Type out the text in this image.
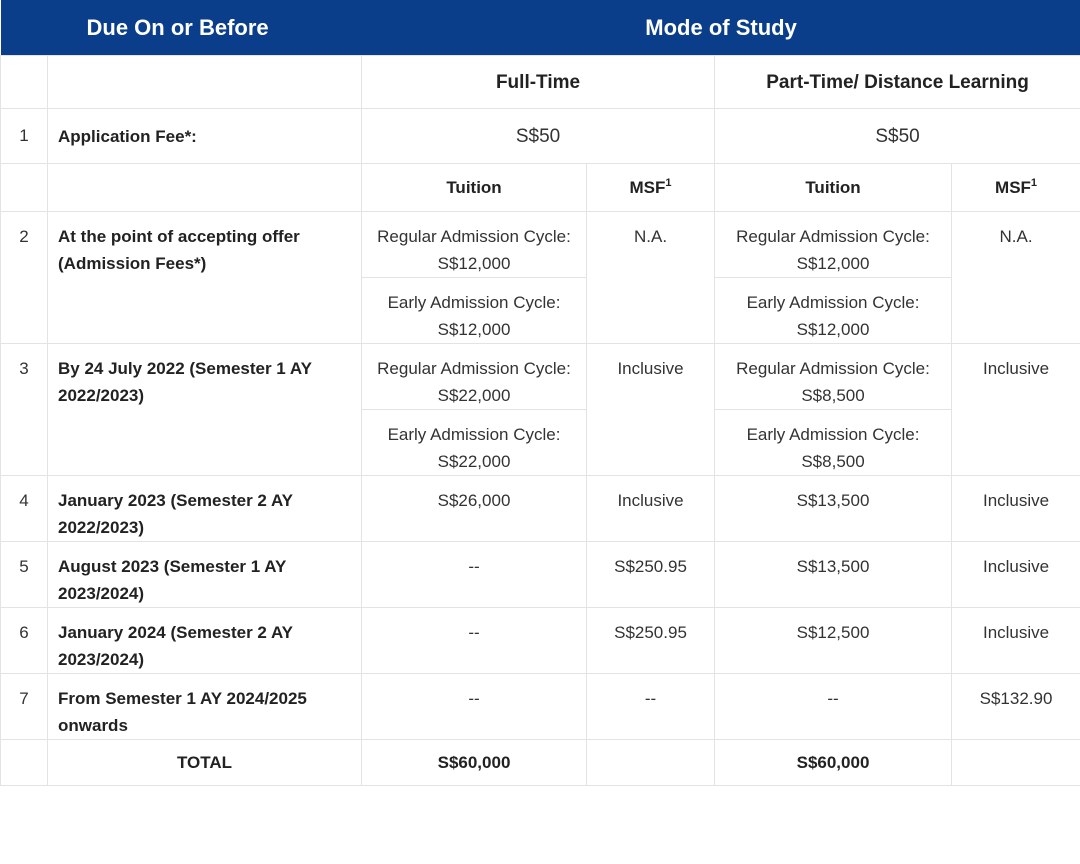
Due On or Before		Mode of Study			
		Full-Time		Part-Time/ Distance Learning	
1	Application Fee*:	S$50		S$50	
		Tuition	MSF$^1$	Tuition	MSF$^1$
2	At the point of accepting offer (Admission Fees*)	Regular Admission Cycle: S$12,000	N.A.	Regular Admission Cycle: S$12,000	N.A.
		Early Admission Cycle: S$12,000		Early Admission Cycle: S$12,000	
3	By 24 July 2022 (Semester 1 AY 2022/2023)	Regular Admission Cycle: S$22,000	Inclusive	Regular Admission Cycle: S$8,500	Inclusive
		Early Admission Cycle: S$22,000		Early Admission Cycle: S$8,500	
4	January 2023 (Semester 2 AY 2022/2023)	S$26,000	Inclusive	S$13,500	Inclusive
5	August 2023 (Semester 1 AY 2023/2024)	--	S$250.95	S$13,500	Inclusive
6	January 2024 (Semester 2 AY 2023/2024)	--	S$250.95	S$12,500	Inclusive
7	From Semester 1 AY 2024/2025 onwards	--	--	--	S$132.90
	TOTAL	S$60,000		S$60,000	
